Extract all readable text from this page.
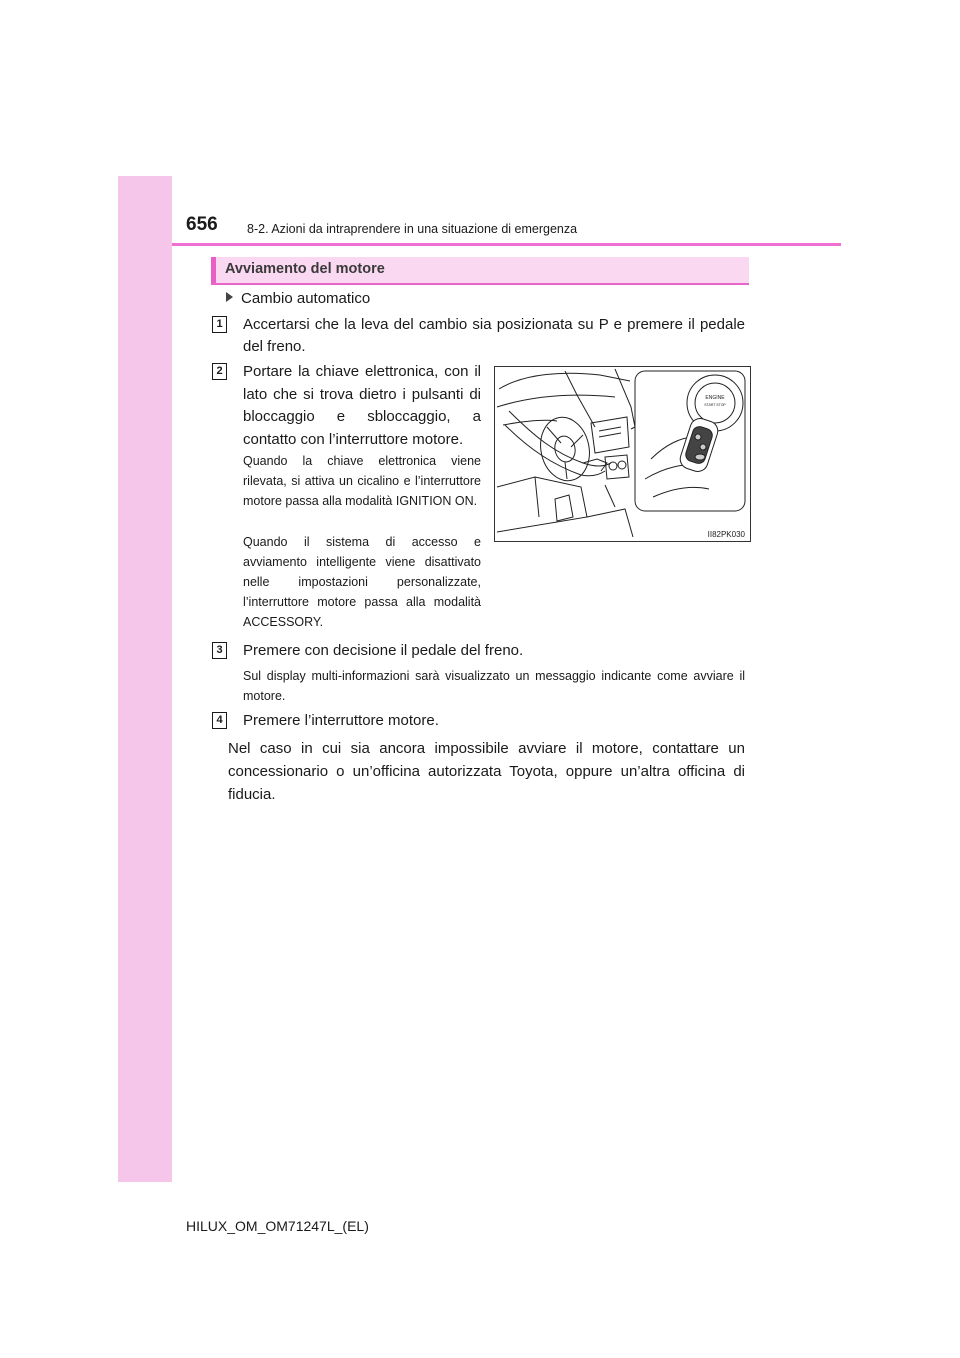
656 8-2. Azioni da intraprendere in una situazione di emergenza
Avviamento del motore
Cambio automatico
1 Accertarsi che la leva del cambio sia posizionata su P e premere il pedale del freno.
2 Portare la chiave elettronica, con il lato che si trova dietro i pulsanti di bloccaggio e sbloccaggio, a contatto con l’interruttore motore.
Quando la chiave elettronica viene rilevata, si attiva un cicalino e l’interruttore motore passa alla modalità IGNITION ON.
Quando il sistema di accesso e avviamento intelligente viene disattivato nelle impostazioni personalizzate, l’interruttore motore passa alla modalità ACCESSORY.
ENGINE
START STOP
II82PK030
3 Premere con decisione il pedale del freno.
Sul display multi-informazioni sarà visualizzato un messaggio indicante come avviare il motore.
4 Premere l’interruttore motore.
Nel caso in cui sia ancora impossibile avviare il motore, contattare un concessionario o un’officina autorizzata Toyota, oppure un’altra officina di fiducia.
HILUX_OM_OM71247L_(EL)
